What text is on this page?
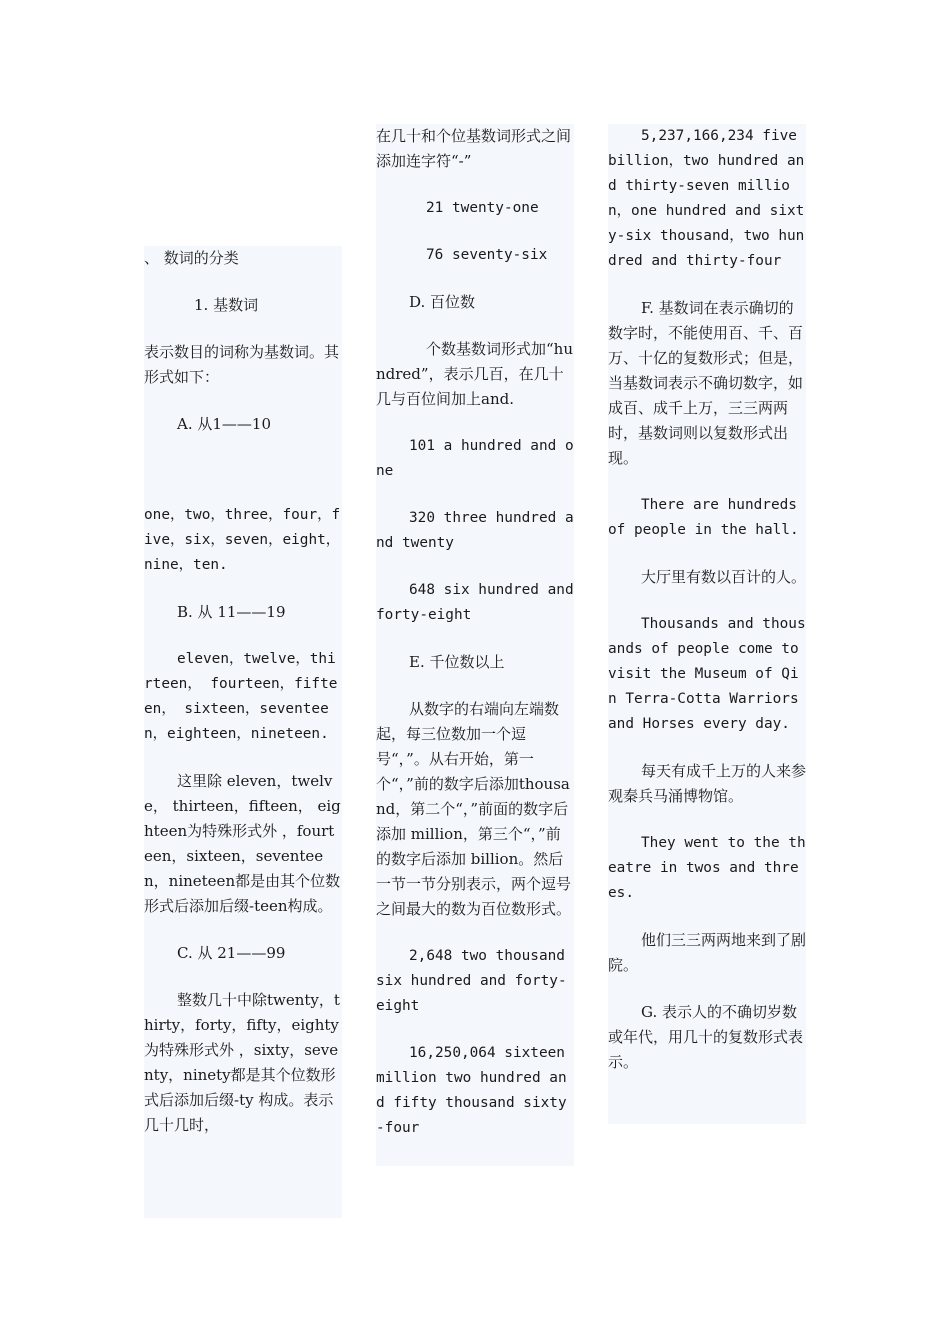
、 数词的分类

1. 基数词

表示数目的词称为基数词。其形式如下：

A. 从1——10

one，two，three，four，five，six，seven，eight，nine，ten.

B. 从 11——19

eleven，twelve，thirteen， fourteen，fifteen， sixteen，seventeen，eighteen，nineteen.

这里除 eleven，twelve， thirteen，fifteen， eighteen为特殊形式外 ，fourteen，sixteen，seventeen，nineteen都是由其个位数形式后添加后缀-teen构成。

C. 从 21——99

整数几十中除twenty，thirty，forty，fifty，eighty为特殊形式外 ，sixty，seventy，ninety都是其个位数形式后添加后缀-ty 构成。表示几十几时，

在几十和个位基数词形式之间添加连字符“-”

21 twenty-one

76 seventy-six

D. 百位数

个数基数词形式加“hundred”，表示几百，在几十几与百位间加上and.

101 a hundred and one

320 three hundred and twenty

648 six hundred and forty-eight

E. 千位数以上

从数字的右端向左端数起，每三位数加一个逗号“，”。从右开始，第一个“，”前的数字后添加thousand，第二个“，”前面的数字后添加 million，第三个“，”前的数字后添加 billion。然后一节一节分别表示，两个逗号之间最大的数为百位数形式。

2,648 two thousand six hundred and forty-eight

16,250,064 sixteen million two hundred and fifty thousand sixty-four

5,237,166,234 five billion，two hundred and thirty-seven million，one hundred and sixty-six thousand，two hundred and thirty-four

F. 基数词在表示确切的数字时，不能使用百、千、百万、十亿的复数形式；但是，当基数词表示不确切数字，如成百、成千上万，三三两两时，基数词则以复数形式出现。

There are hundreds of people in the hall.

大厅里有数以百计的人。

Thousands and thousands of people come to visit the Museum of Qin Terra-Cotta Warriors and Horses every day.

每天有成千上万的人来参观秦兵马涌博物馆。

They went to the theatre in twos and threes.

他们三三两两地来到了剧院。

G. 表示人的不确切岁数或年代，用几十的复数形式表示。
